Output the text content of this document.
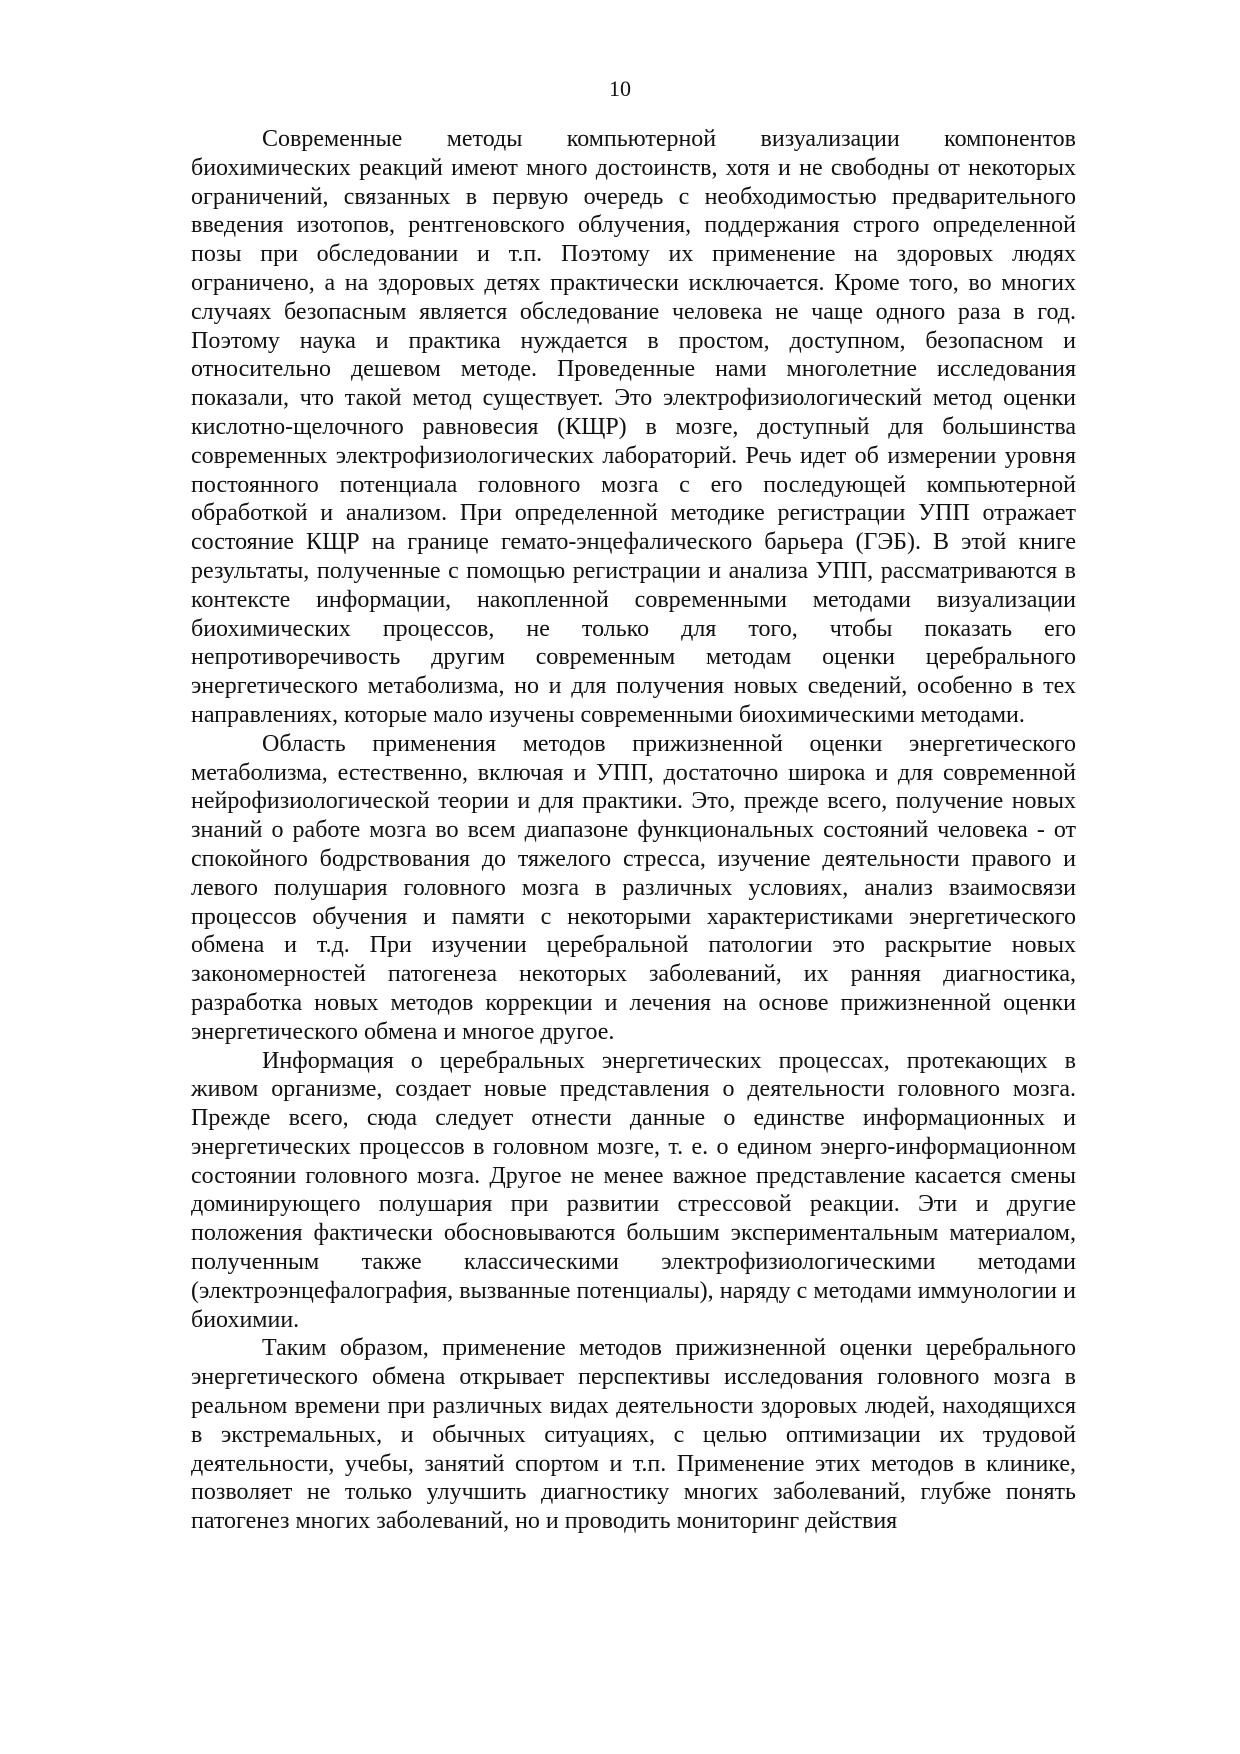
10

Современные методы компьютерной визуализации компонентов биохимических реакций имеют много достоинств, хотя и не свободны от некоторых ограничений, связанных в первую очередь с необходимостью предварительного введения изотопов, рентгеновского облучения, поддержания строго определенной позы при обследовании и т.п. Поэтому их применение на здоровых людях ограничено, а на здоровых детях практически исключается. Кроме того, во многих случаях безопасным является обследование человека не чаще одного раза в год. Поэтому наука и практика нуждается в простом, доступном, безопасном и относительно дешевом методе. Проведенные нами многолетние исследования показали, что такой метод существует. Это электрофизиологический метод оценки кислотно-щелочного равновесия (КЩР) в мозге, доступный для большинства современных электрофизиологических лабораторий. Речь идет об измерении уровня постоянного потенциала головного мозга с его последующей компьютерной обработкой и анализом. При определенной методике регистрации УПП отражает состояние КЩР на границе гемато-энцефалического барьера (ГЭБ). В этой книге результаты, полученные с помощью регистрации и анализа УПП, рассматриваются в контексте информации, накопленной современными методами визуализации биохимических процессов, не только для того, чтобы показать его непротиворечивость другим современным методам оценки церебрального энергетического метаболизма, но и для получения новых сведений, особенно в тех направлениях, которые мало изучены современными биохимическими методами.

Область применения методов прижизненной оценки энергетического метаболизма, естественно, включая и УПП, достаточно широка и для современной нейрофизиологической теории и для практики. Это, прежде всего, получение новых знаний о работе мозга во всем диапазоне функциональных состояний человека - от спокойного бодрствования до тяжелого стресса, изучение деятельности правого и левого полушария головного мозга в различных условиях, анализ взаимосвязи процессов обучения и памяти с некоторыми характеристиками энергетического обмена и т.д. При изучении церебральной патологии это раскрытие новых закономерностей патогенеза некоторых заболеваний, их ранняя диагностика, разработка новых методов коррекции и лечения на основе прижизненной оценки энергетического обмена и многое другое.

Информация о церебральных энергетических процессах, протекающих в живом организме, создает новые представления о деятельности головного мозга. Прежде всего, сюда следует отнести данные о единстве информационных и энергетических процессов в головном мозге, т. е. о едином энерго-информационном состоянии головного мозга. Другое не менее важное представление касается смены доминирующего полушария при развитии стрессовой реакции. Эти и другие положения фактически обосновываются большим экспериментальным материалом, полученным также классическими электрофизиологическими методами (электроэнцефалография, вызванные потенциалы), наряду с методами иммунологии и биохимии.

Таким образом, применение методов прижизненной оценки церебрального энергетического обмена открывает перспективы исследования головного мозга в реальном времени при различных видах деятельности здоровых людей, находящихся в экстремальных, и обычных ситуациях, с целью оптимизации их трудовой деятельности, учебы, занятий спортом и т.п. Применение этих методов в клинике, позволяет не только улучшить диагностику многих заболеваний, глубже понять патогенез многих заболеваний, но и проводить мониторинг действия
